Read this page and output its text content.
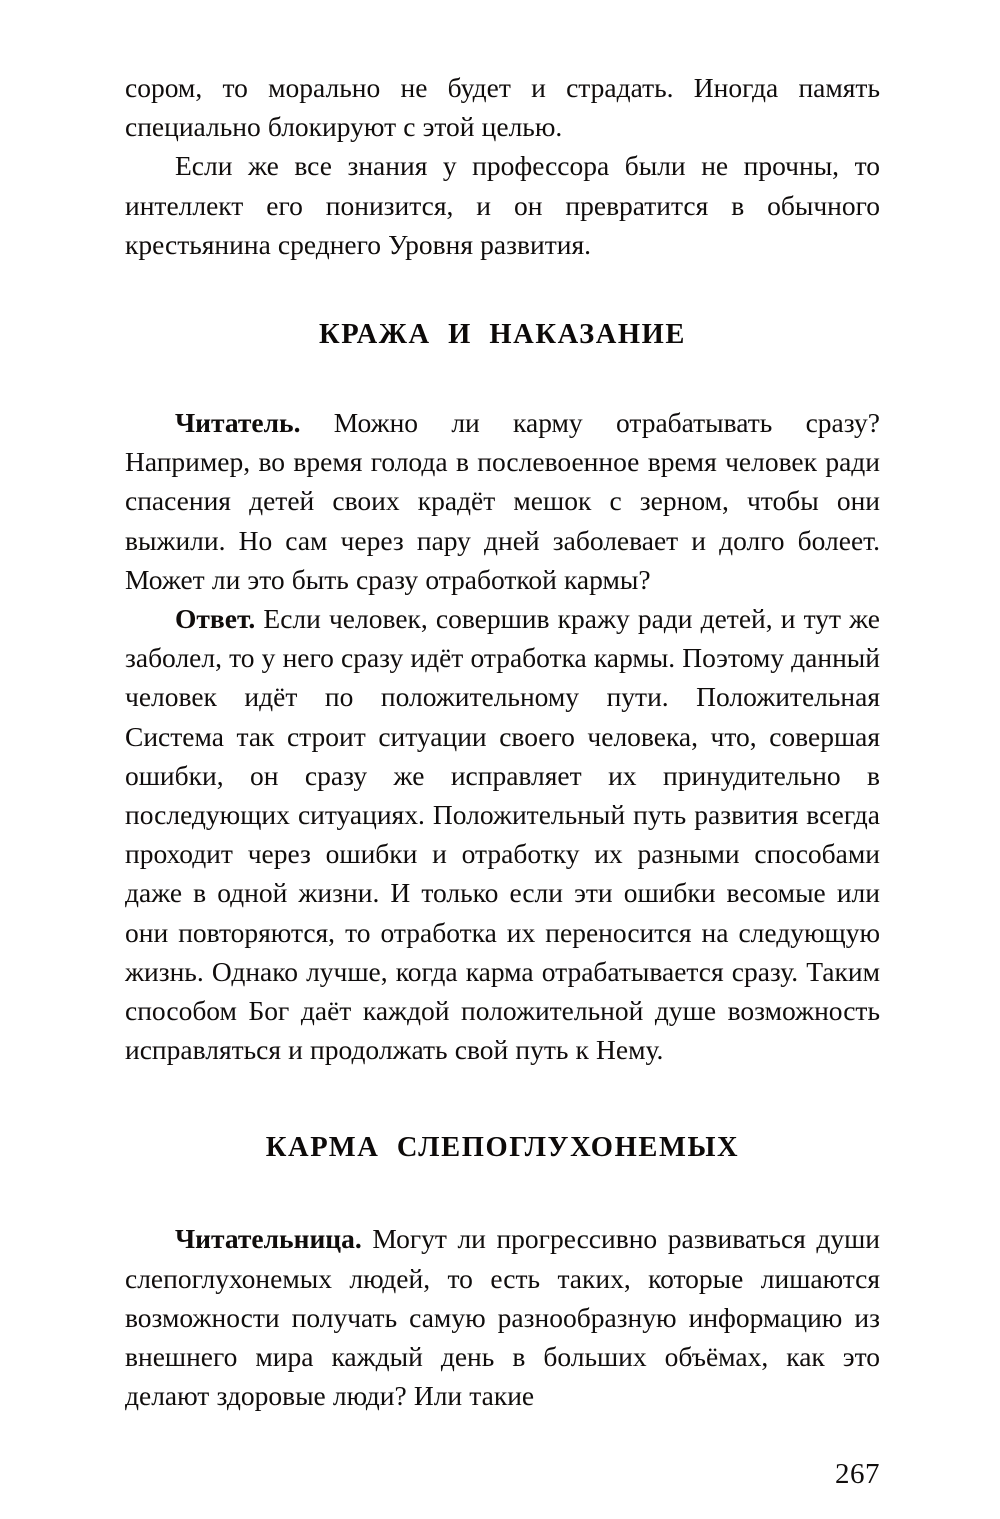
сором, то морально не будет и страдать. Иногда память специально блокируют с этой целью.

Если же все знания у профессора были не прочны, то интеллект его понизится, и он превратится в обычного крестьянина среднего Уровня развития.

КРАЖА  И  НАКАЗАНИЕ

Читатель. Можно ли карму отрабатывать сразу? Например, во время голода в послевоенное время человек ради спасения детей своих крадёт мешок с зерном, чтобы они выжили. Но сам через пару дней заболевает и долго болеет. Может ли это быть сразу отработкой кармы?

Ответ. Если человек, совершив кражу ради детей, и тут же заболел, то у него сразу идёт отработка кармы. Поэтому данный человек идёт по положительному пути. Положительная Система так строит ситуации своего человека, что, совершая ошибки, он сразу же исправляет их принудительно в последующих ситуациях. Положительный путь развития всегда проходит через ошибки и отработку их разными способами даже в одной жизни. И только если эти ошибки весомые или они повторяются, то отработка их переносится на следующую жизнь. Однако лучше, когда карма отрабатывается сразу. Таким способом Бог даёт каждой положительной душе возможность исправляться и продолжать свой путь к Нему.

КАРМА  СЛЕПОГЛУХОНЕМЫХ

Читательница. Могут ли прогрессивно развиваться души слепоглухонемых людей, то есть таких, которые лишаются возможности получать самую разнообразную информацию из внешнего мира каждый день в больших объёмах, как это делают здоровые люди? Или такие

267
